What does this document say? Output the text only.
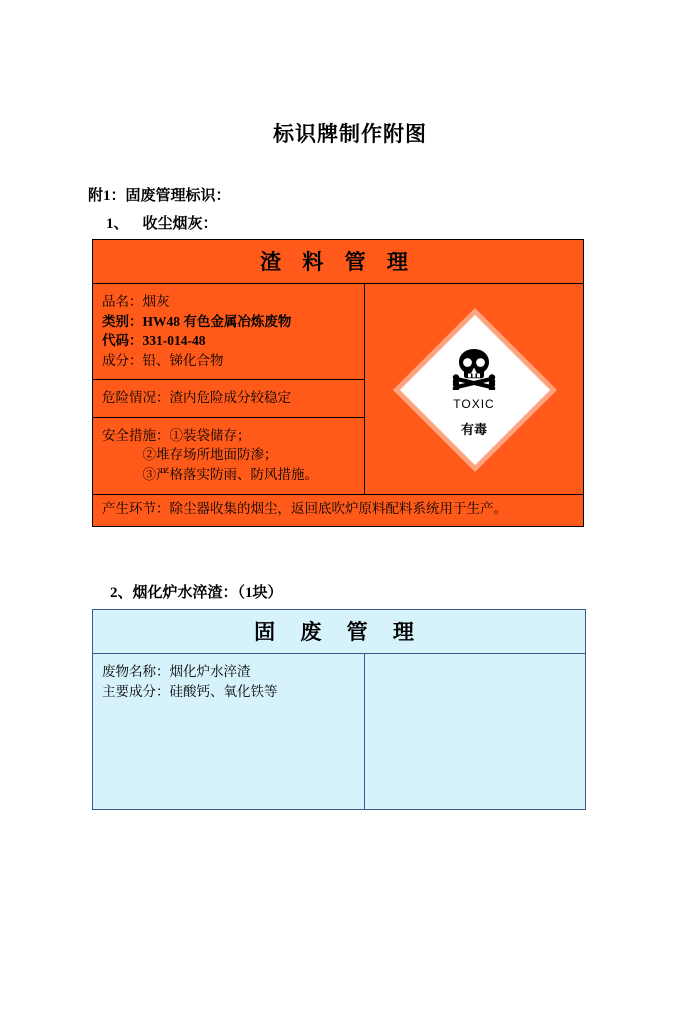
标识牌制作附图
附1：固废管理标识：
1、 收尘烟灰：
渣 料 管 理
品名：烟灰
类别：HW48 有色金属冶炼废物
代码：331-014-48
成分：铅、锑化合物
危险情况：渣内危险成分较稳定
安全措施：①装袋储存；
②堆存场所地面防渗；
③严格落实防雨、防风措施。
TOXIC
有毒
产生环节：除尘器收集的烟尘，返回底吹炉原料配料系统用于生产。
2、烟化炉水淬渣：（1块）
固 废 管 理
废物名称：烟化炉水淬渣
主要成分：硅酸钙、氧化铁等
